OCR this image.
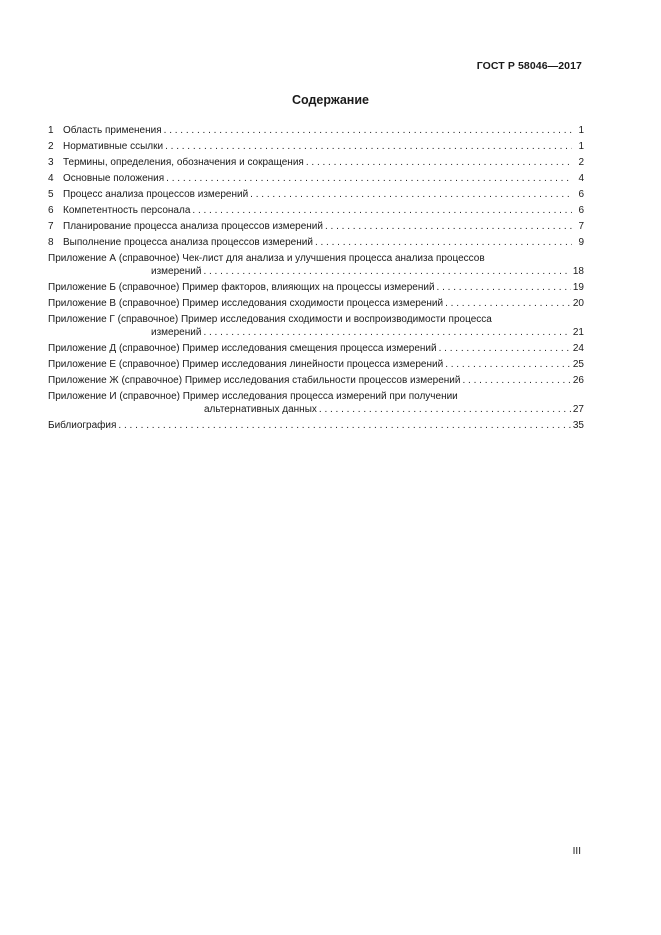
ГОСТ Р 58046—2017
Содержание
1 Область применения . . .	1
2 Нормативные ссылки . . .	1
3 Термины, определения, обозначения и сокращения . . .	2
4 Основные положения . . .	4
5 Процесс анализа процессов измерений . . .	6
6 Компетентность персонала . . .	6
7 Планирование процесса анализа процессов измерений . . .	7
8 Выполнение процесса анализа процессов измерений . . .	9
Приложение А (справочное) Чек-лист для анализа и улучшения процесса анализа процессов
измерений . . .	18
Приложение Б (справочное) Пример факторов, влияющих на процессы измерений . . .	19
Приложение В (справочное) Пример исследования сходимости процесса измерений . . .	20
Приложение Г (справочное) Пример исследования сходимости и воспроизводимости процесса
измерений . . .	21
Приложение Д (справочное) Пример исследования смещения процесса измерений . . .	24
Приложение Е (справочное) Пример исследования линейности процесса измерений . . .	25
Приложение Ж (справочное) Пример исследования стабильности процессов измерений . . .	26
Приложение И (справочное) Пример исследования процесса измерений при получении
альтернативных данных . . .	27
Библиография . . .	35
III
